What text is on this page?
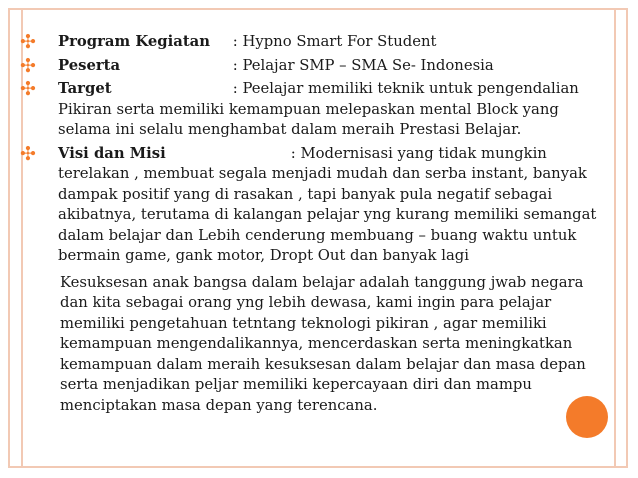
✣	Program Kegiatan : Hypno Smart For Student
✣	Peserta	: Pelajar SMP – SMA Se- Indonesia
✣	Target	: Peelajar memiliki teknik untuk pengendalian Pikiran serta memiliki kemampuan melepaskan mental Block yang selama ini selalu menghambat dalam meraih Prestasi Belajar.
✣	Visi dan Misi	: Modernisasi yang tidak mungkin terelakan , membuat segala menjadi mudah dan serba instant, banyak dampak positif yang di rasakan , tapi banyak pula negatif sebagai akibatnya, terutama di kalangan pelajar yng kurang memiliki semangat dalam belajar dan Lebih cenderung membuang – buang waktu untuk bermain game, gank motor, Dropt Out dan banyak lagi
Kesuksesan anak bangsa dalam belajar adalah tanggung jwab negara dan kita sebagai orang yng lebih dewasa, kami ingin para pelajar memiliki pengetahuan tetntang teknologi pikiran , agar memiliki kemampuan mengendalikannya, mencerdaskan serta meningkatkan kemampuan dalam meraih kesuksesan dalam belajar dan masa depan serta menjadikan peljar memiliki kepercayaan diri dan mampu menciptakan masa depan yang terencana.
